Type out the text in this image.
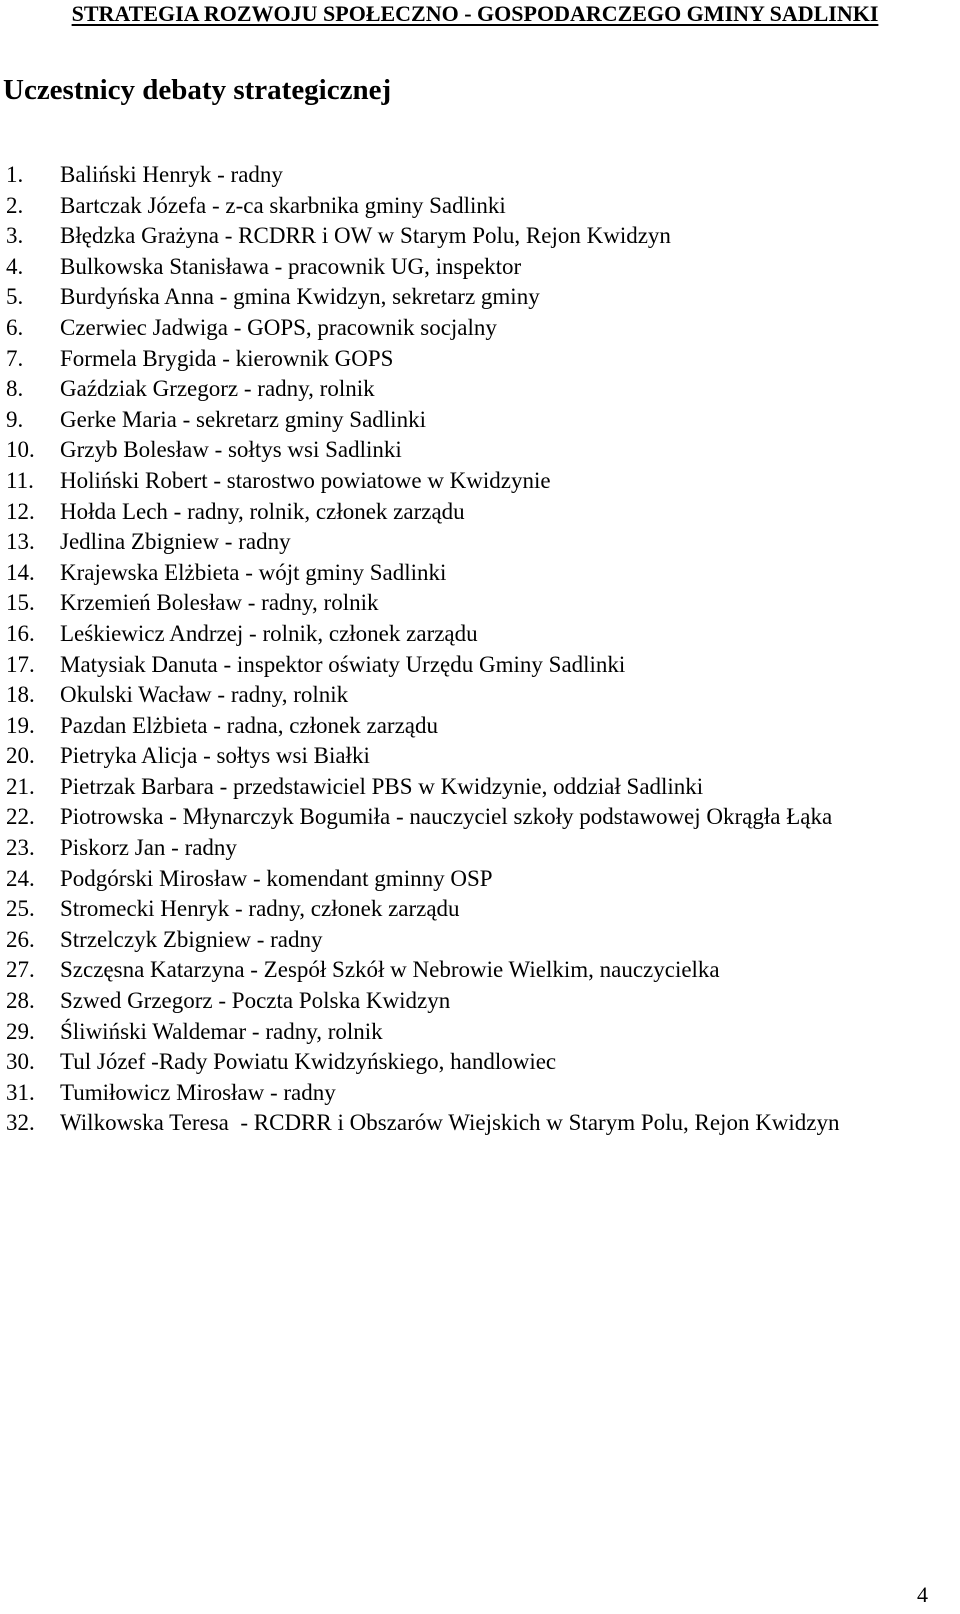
STRATEGIA ROZWOJU SPOŁECZNO - GOSPODARCZEGO GMINY SADLINKI
Uczestnicy debaty strategicznej
1.	Baliński Henryk - radny
2.	Bartczak Józefa - z-ca skarbnika gminy Sadlinki
3.	Błędzka Grażyna - RCDRR i OW w Starym Polu, Rejon Kwidzyn
4.	Bulkowska Stanisława - pracownik UG, inspektor
5.	Burdyńska Anna - gmina Kwidzyn, sekretarz gminy
6.	Czerwiec Jadwiga - GOPS, pracownik socjalny
7.	Formela Brygida - kierownik GOPS
8.	Gaździak Grzegorz - radny, rolnik
9.	Gerke Maria - sekretarz gminy Sadlinki
10.	Grzyb Bolesław - sołtys wsi Sadlinki
11.	Holiński Robert - starostwo powiatowe w Kwidzynie
12.	Hołda Lech - radny, rolnik, członek zarządu
13.	Jedlina Zbigniew - radny
14.	Krajewska Elżbieta - wójt gminy Sadlinki
15.	Krzemień Bolesław - radny, rolnik
16.	Leśkiewicz Andrzej - rolnik, członek zarządu
17.	Matysiak Danuta - inspektor oświaty Urzędu Gminy Sadlinki
18.	Okulski Wacław - radny, rolnik
19.	Pazdan Elżbieta - radna, członek zarządu
20.	Pietryka Alicja - sołtys wsi Białki
21.	Pietrzak Barbara - przedstawiciel PBS w Kwidzynie, oddział Sadlinki
22.	Piotrowska - Młynarczyk Bogumiła - nauczyciel szkoły podstawowej Okrągła Łąka
23.	Piskorz Jan - radny
24.	Podgórski Mirosław - komendant gminny OSP
25.	Stromecki Henryk - radny, członek zarządu
26.	Strzelczyk Zbigniew - radny
27.	Szczęsna Katarzyna - Zespół Szkół w Nebrowie Wielkim, nauczycielka
28.	Szwed Grzegorz - Poczta Polska Kwidzyn
29.	Śliwiński Waldemar - radny, rolnik
30.	Tul Józef -Rady Powiatu Kwidzyńskiego, handlowiec
31.	Tumiłowicz Mirosław - radny
32.	Wilkowska Teresa  - RCDRR i Obszarów Wiejskich w Starym Polu, Rejon Kwidzyn
4
